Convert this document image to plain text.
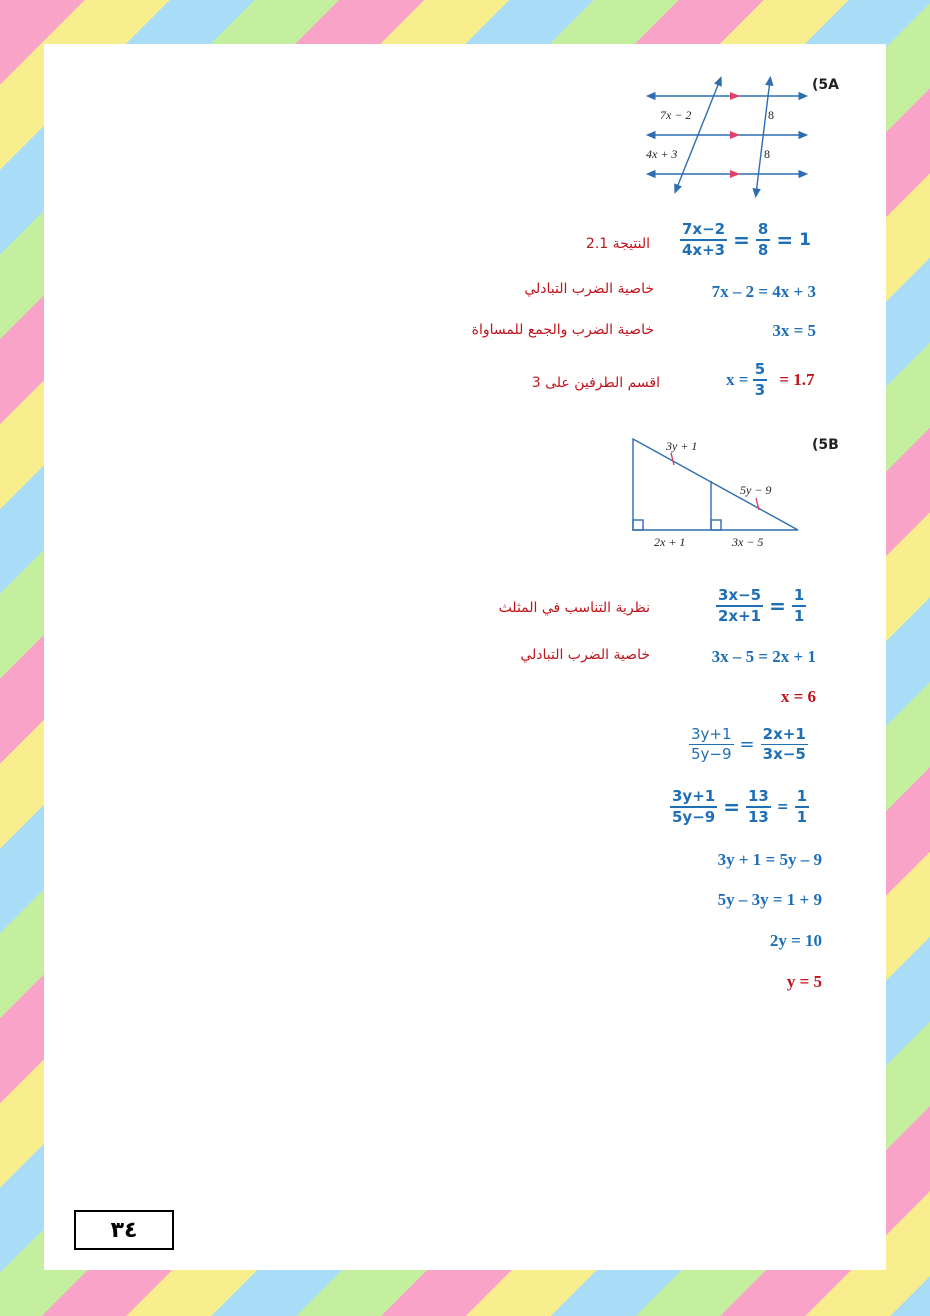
(5A
7x − 2
4x + 3
8
8
$\frac{7x-2}{4x+3} = \frac{8}{8} = 1$
النتيجة 2.1
7x – 2 = 4x + 3
خاصية الضرب التبادلي
3x = 5
خاصية الضرب والجمع للمساواة
$x = \frac{5}{3} = 1.7$
اقسم الطرفين على 3
(5B
3y + 1
5y − 9
2x + 1	3x − 5
$\frac{3x-5}{2x+1} = \frac{1}{1}$
نظرية التناسب في المثلث
3x – 5 = 2x + 1
خاصية الضرب التبادلي
x = 6
$\frac{3y+1}{5y-9} = \frac{2x+1}{3x-5}$
$\frac{3y+1}{5y-9} = \frac{13}{13} = \frac{1}{1}$
3y + 1 = 5y – 9
5y – 3y = 1 + 9
2y = 10
y = 5
٣٤
